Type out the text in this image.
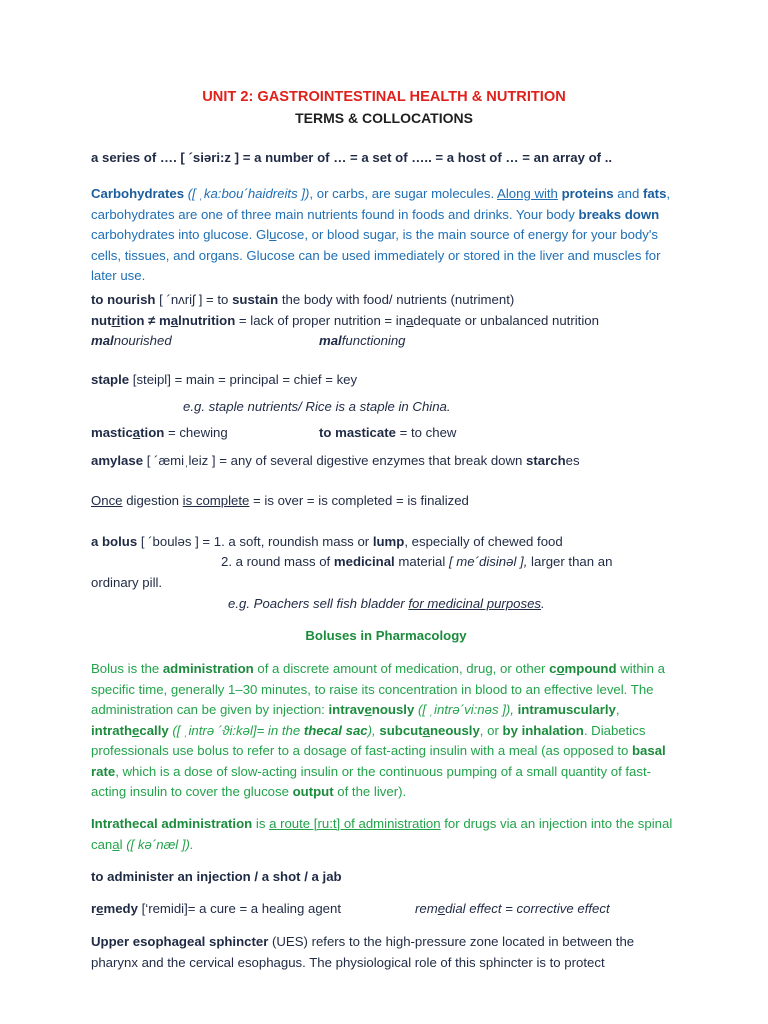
UNIT 2: GASTROINTESTINAL HEALTH & NUTRITION
TERMS & COLLOCATIONS
a series of …. [ ´siəri:z ] = a number of … = a set of ….. = a host of … = an array of ..
Carbohydrates ([ ˌka:bou´haidreits ]), or carbs, are sugar molecules. Along with proteins and fats, carbohydrates are one of three main nutrients found in foods and drinks. Your body breaks down carbohydrates into glucose. Glucose, or blood sugar, is the main source of energy for your body's cells, tissues, and organs. Glucose can be used immediately or stored in the liver and muscles for later use.
to nourish [ ´nʌriʃ ] = to sustain the body with food/ nutrients (nutriment)
nutrition ≠ malnutrition = lack of proper nutrition = inadequate or unbalanced nutrition
malnourished	malfunctioning
staple [steipl] = main = principal = chief = key
e.g. staple nutrients/ Rice is a staple in China.
mastication = chewing	to masticate = to chew
amylase [ ´æmiˌleiz ] = any of several digestive enzymes that break down starches
Once digestion is complete = is over = is completed = is finalized
a bolus [ ´bouləs ] = 1. a soft, roundish mass or lump, especially of chewed food
2. a round mass of medicinal material [ me´disinəl ], larger than an
ordinary pill.
e.g. Poachers sell fish bladder for medicinal purposes.
Boluses in Pharmacology
Bolus is the administration of a discrete amount of medication, drug, or other compound within a specific time, generally 1–30 minutes, to raise its concentration in blood to an effective level. The administration can be given by injection: intravenously ([ ˌintrə´vi:nəs ]), intramuscularly, intrathecally ([ ˌintrə ´ϑi:kəl]= in the thecal sac), subcutaneously, or by inhalation. Diabetics professionals use bolus to refer to a dosage of fast-acting insulin with a meal (as opposed to basal rate, which is a dose of slow-acting insulin or the continuous pumping of a small quantity of fast-acting insulin to cover the glucose output of the liver).
Intrathecal administration is a route [ru:t] of administration for drugs via an injection into the spinal canal ([ kə´næl ]).
to administer an injection / a shot / a jab
remedy [‘remidi]= a cure = a healing agent	remedial effect = corrective effect
Upper esophageal sphincter (UES) refers to the high-pressure zone located in between the pharynx and the cervical esophagus. The physiological role of this sphincter is to protect
